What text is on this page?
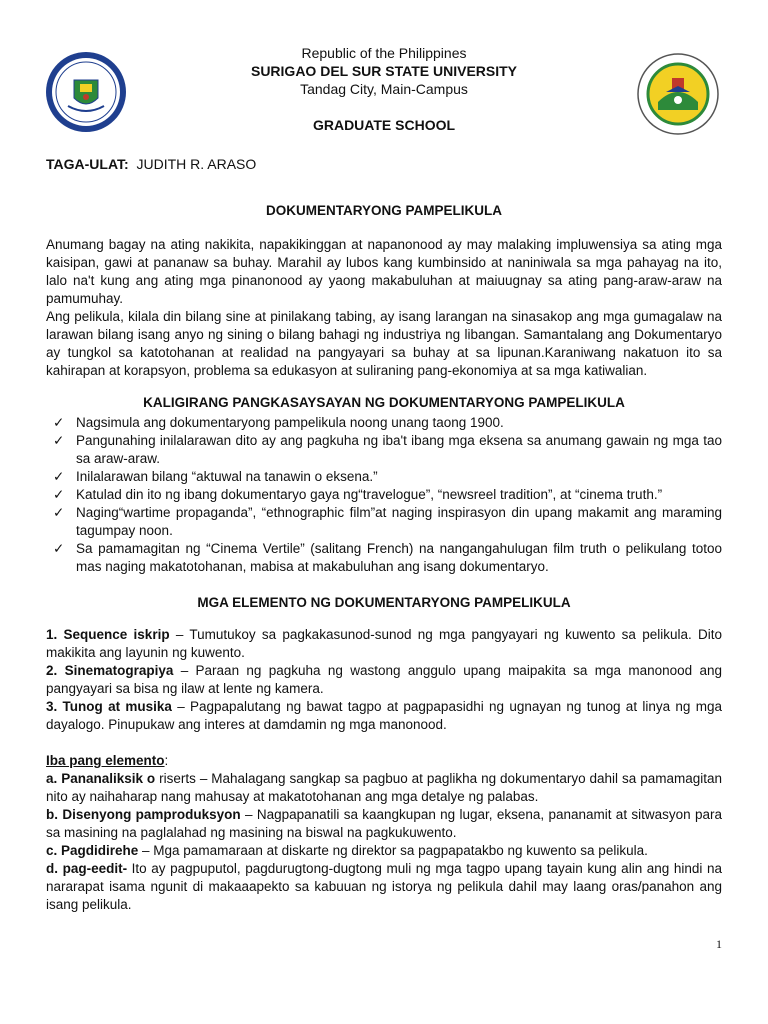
Republic of the Philippines
SURIGAO DEL SUR STATE UNIVERSITY
Tandag City, Main-Campus
GRADUATE SCHOOL
TAGA-ULAT: JUDITH R. ARASO
DOKUMENTARYONG PAMPELIKULA

Anumang bagay na ating nakikita, napakikinggan at napanonood ay may malaking impluwensiya sa ating mga kaisipan, gawi at pananaw sa buhay. Marahil ay lubos kang kumbinsido at naniniwala sa mga pahayag na ito, lalo na't kung ang ating mga pinanonood ay yaong makabuluhan at maiuugnay sa ating pang-araw-araw na pamumuhay.

Ang pelikula, kilala din bilang sine at pinilakang tabing, ay isang larangan na sinasakop ang mga gumagalaw na larawan bilang isang anyo ng sining o bilang bahagi ng industriya ng libangan. Samantalang ang Dokumentaryo ay tungkol sa katotohanan at realidad na pangyayari sa buhay at sa lipunan.Karaniwang nakatuon ito sa kahirapan at korapsyon, problema sa edukasyon at suliraning pang-ekonomiya at sa mga katiwalian.

KALIGIRANG PANGKASAYSAYAN NG DOKUMENTARYONG PAMPELIKULA
✓ Nagsimula ang dokumentaryong pampelikula noong unang taong 1900.
✓ Pangunahing inilalarawan dito ay ang pagkuha ng iba't ibang mga eksena sa anumang gawain ng mga tao sa araw-araw.
✓ Inilalarawan bilang “aktuwal na tanawin o eksena.”
✓ Katulad din ito ng ibang dokumentaryo gaya ng“travelogue”, “newsreel tradition”, at “cinema truth.”
✓ Naging“wartime propaganda”, “ethnographic film”at naging inspirasyon din upang makamit ang maraming tagumpay noon.
✓ Sa pamamagitan ng “Cinema Vertile” (salitang French) na nangangahulugan film truth o pelikulang totoo mas naging makatotohanan, mabisa at makabuluhan ang isang dokumentaryo.
MGA ELEMENTO NG DOKUMENTARYONG PAMPELIKULA
1. Sequence iskrip – Tumutukoy sa pagkakasunod-sunod ng mga pangyayari ng kuwento sa pelikula. Dito makikita ang layunin ng kuwento.
2. Sinematograpiya – Paraan ng pagkuha ng wastong anggulo upang maipakita sa mga manonood ang pangyayari sa bisa ng ilaw at lente ng kamera.
3. Tunog at musika – Pagpapalutang ng bawat tagpo at pagpapasidhi ng ugnayan ng tunog at linya ng mga dayalogo. Pinupukaw ang interes at damdamin ng mga manonood.
Iba pang elemento:
a. Pananaliksik o riserts – Mahalagang sangkap sa pagbuo at paglikha ng dokumentaryo dahil sa pamamagitan nito ay naihaharap nang mahusay at makatotohanan ang mga detalye ng palabas.
b. Disenyong pamproduksyon – Nagpapanatili sa kaangkupan ng lugar, eksena, pananamit at sitwasyon para sa masining na paglalahad ng masining na biswal na pagkukuwento.
c. Pagdidirehe – Mga pamamaraan at diskarte ng direktor sa pagpapatakbo ng kuwento sa pelikula.
d. pag-eedit- Ito ay pagpuputol, pagdurugtong-dugtong muli ng mga tagpo upang tayain kung alin ang hindi na nararapat isama ngunit di makaaapekto sa kabuuan ng istorya ng pelikula dahil may laang oras/panahon ang isang pelikula.
1
